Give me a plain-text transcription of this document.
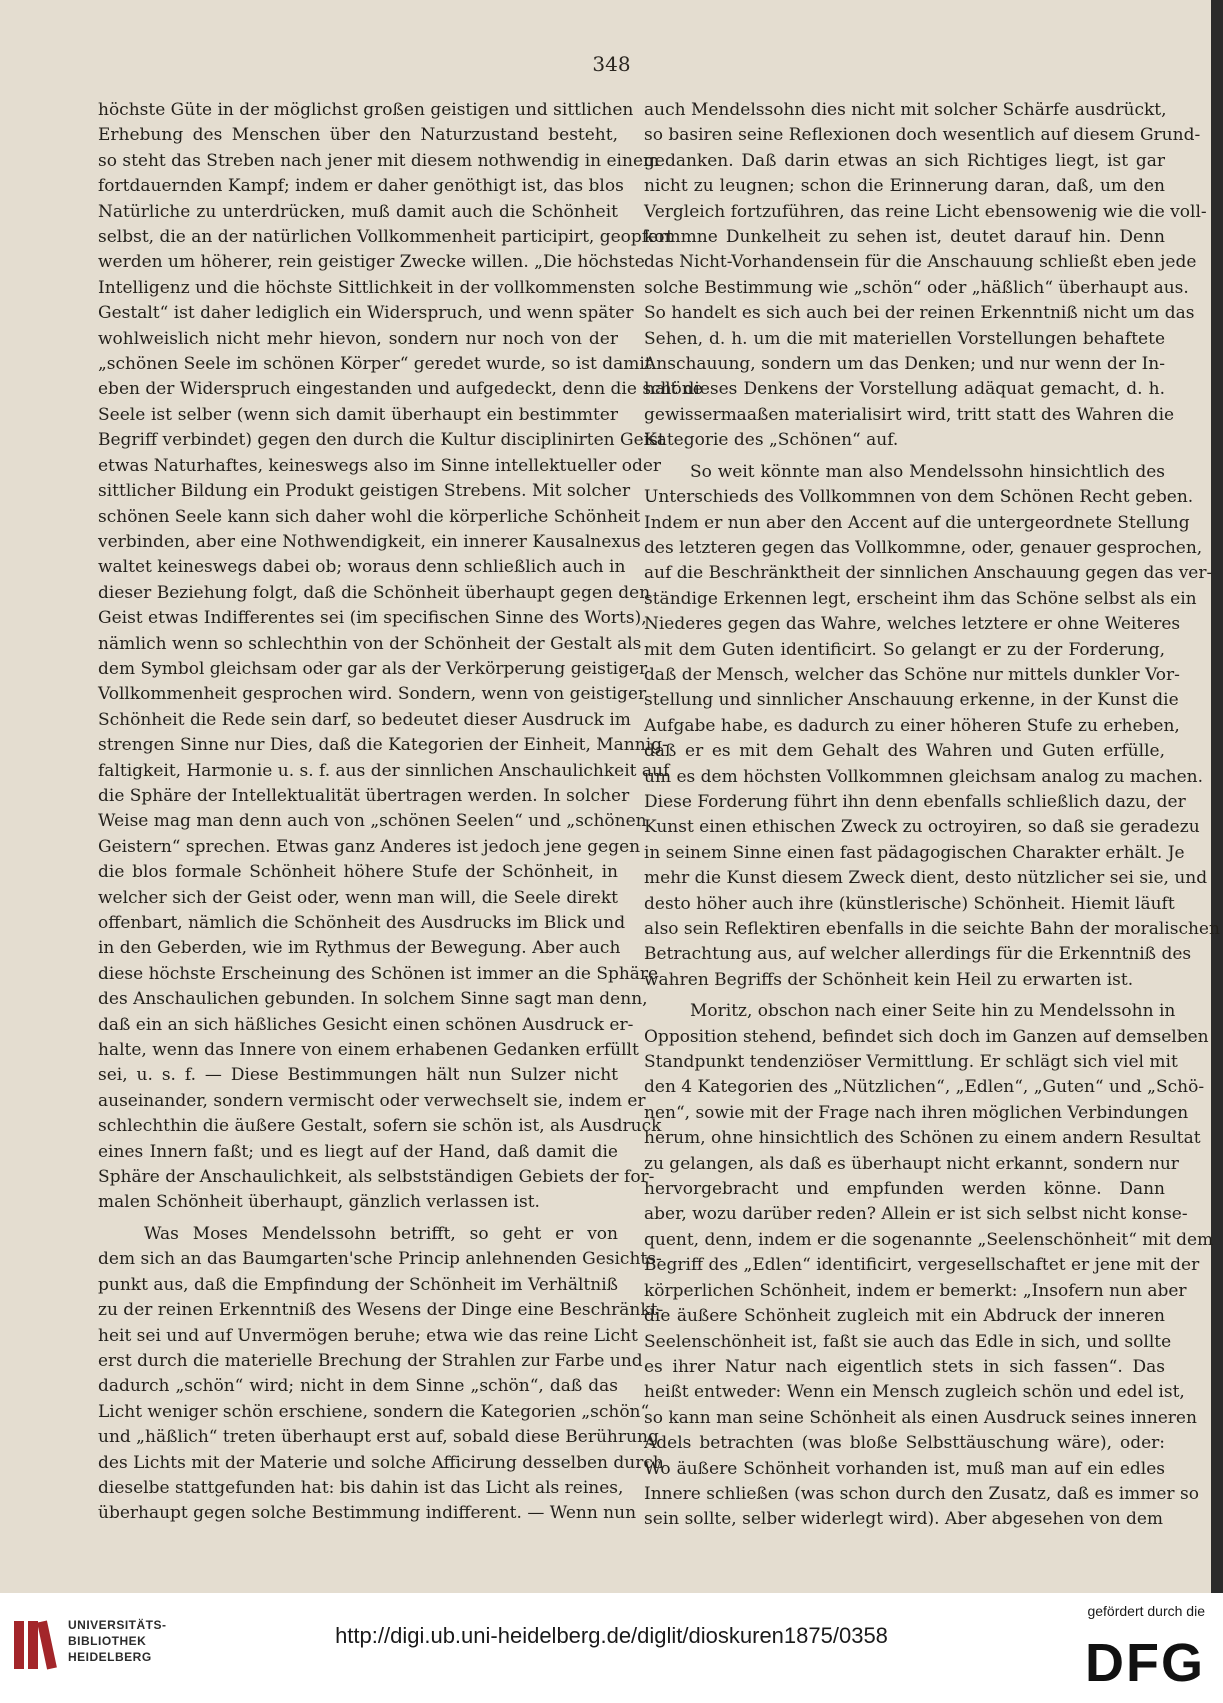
348
höchste Güte in der möglichst großen geistigen und sittlichen
Erhebung des Menschen über den Naturzustand besteht,
so steht das Streben nach jener mit diesem nothwendig in einem
fortdauernden Kampf; indem er daher genöthigt ist, das blos
Natürliche zu unterdrücken, muß damit auch die Schönheit
selbst, die an der natürlichen Vollkommenheit participirt, geopfert
werden um höherer, rein geistiger Zwecke willen. „Die höchste
Intelligenz und die höchste Sittlichkeit in der vollkommensten
Gestalt“ ist daher lediglich ein Widerspruch, und wenn später
wohlweislich nicht mehr hievon, sondern nur noch von der
„schönen Seele im schönen Körper“ geredet wurde, so ist damit
eben der Widerspruch eingestanden und aufgedeckt, denn die schöne
Seele ist selber (wenn sich damit überhaupt ein bestimmter
Begriff verbindet) gegen den durch die Kultur disciplinirten Geist
etwas Naturhaftes, keineswegs also im Sinne intellektueller oder
sittlicher Bildung ein Produkt geistigen Strebens. Mit solcher
schönen Seele kann sich daher wohl die körperliche Schönheit
verbinden, aber eine Nothwendigkeit, ein innerer Kausalnexus
waltet keineswegs dabei ob; woraus denn schließlich auch in
dieser Beziehung folgt, daß die Schönheit überhaupt gegen den
Geist etwas Indifferentes sei (im specifischen Sinne des Worts),
nämlich wenn so schlechthin von der Schönheit der Gestalt als
dem Symbol gleichsam oder gar als der Verkörperung geistiger
Vollkommenheit gesprochen wird. Sondern, wenn von geistiger
Schönheit die Rede sein darf, so bedeutet dieser Ausdruck im
strengen Sinne nur Dies, daß die Kategorien der Einheit, Mannig-
faltigkeit, Harmonie u. s. f. aus der sinnlichen Anschaulichkeit auf
die Sphäre der Intellektualität übertragen werden. In solcher
Weise mag man denn auch von „schönen Seelen“ und „schönen
Geistern“ sprechen. Etwas ganz Anderes ist jedoch jene gegen
die blos formale Schönheit höhere Stufe der Schönheit, in
welcher sich der Geist oder, wenn man will, die Seele direkt
offenbart, nämlich die Schönheit des Ausdrucks im Blick und
in den Geberden, wie im Rythmus der Bewegung. Aber auch
diese höchste Erscheinung des Schönen ist immer an die Sphäre
des Anschaulichen gebunden. In solchem Sinne sagt man denn,
daß ein an sich häßliches Gesicht einen schönen Ausdruck er-
halte, wenn das Innere von einem erhabenen Gedanken erfüllt
sei, u. s. f. — Diese Bestimmungen hält nun Sulzer nicht
auseinander, sondern vermischt oder verwechselt sie, indem er
schlechthin die äußere Gestalt, sofern sie schön ist, als Ausdruck
eines Innern faßt; und es liegt auf der Hand, daß damit die
Sphäre der Anschaulichkeit, als selbstständigen Gebiets der for-
malen Schönheit überhaupt, gänzlich verlassen ist.
Was Moses Mendelssohn betrifft, so geht er von
dem sich an das Baumgarten'sche Princip anlehnenden Gesichts-
punkt aus, daß die Empfindung der Schönheit im Verhältniß
zu der reinen Erkenntniß des Wesens der Dinge eine Beschränkt-
heit sei und auf Unvermögen beruhe; etwa wie das reine Licht
erst durch die materielle Brechung der Strahlen zur Farbe und
dadurch „schön“ wird; nicht in dem Sinne „schön“, daß das
Licht weniger schön erschiene, sondern die Kategorien „schön“
und „häßlich“ treten überhaupt erst auf, sobald diese Berührung
des Lichts mit der Materie und solche Afficirung desselben durch
dieselbe stattgefunden hat: bis dahin ist das Licht als reines,
überhaupt gegen solche Bestimmung indifferent. — Wenn nun
auch Mendelssohn dies nicht mit solcher Schärfe ausdrückt,
so basiren seine Reflexionen doch wesentlich auf diesem Grund-
gedanken. Daß darin etwas an sich Richtiges liegt, ist gar
nicht zu leugnen; schon die Erinnerung daran, daß, um den
Vergleich fortzuführen, das reine Licht ebensowenig wie die voll-
kommne Dunkelheit zu sehen ist, deutet darauf hin. Denn
das Nicht-Vorhandensein für die Anschauung schließt eben jede
solche Bestimmung wie „schön“ oder „häßlich“ überhaupt aus.
So handelt es sich auch bei der reinen Erkenntniß nicht um das
Sehen, d. h. um die mit materiellen Vorstellungen behaftete
Anschauung, sondern um das Denken; und nur wenn der In-
halt dieses Denkens der Vorstellung adäquat gemacht, d. h.
gewissermaaßen materialisirt wird, tritt statt des Wahren die
Kategorie des „Schönen“ auf.
So weit könnte man also Mendelssohn hinsichtlich des
Unterschieds des Vollkommnen von dem Schönen Recht geben.
Indem er nun aber den Accent auf die untergeordnete Stellung
des letzteren gegen das Vollkommne, oder, genauer gesprochen,
auf die Beschränktheit der sinnlichen Anschauung gegen das ver-
ständige Erkennen legt, erscheint ihm das Schöne selbst als ein
Niederes gegen das Wahre, welches letztere er ohne Weiteres
mit dem Guten identificirt. So gelangt er zu der Forderung,
daß der Mensch, welcher das Schöne nur mittels dunkler Vor-
stellung und sinnlicher Anschauung erkenne, in der Kunst die
Aufgabe habe, es dadurch zu einer höheren Stufe zu erheben,
daß er es mit dem Gehalt des Wahren und Guten erfülle,
um es dem höchsten Vollkommnen gleichsam analog zu machen.
Diese Forderung führt ihn denn ebenfalls schließlich dazu, der
Kunst einen ethischen Zweck zu octroyiren, so daß sie geradezu
in seinem Sinne einen fast pädagogischen Charakter erhält. Je
mehr die Kunst diesem Zweck dient, desto nützlicher sei sie, und
desto höher auch ihre (künstlerische) Schönheit. Hiemit läuft
also sein Reflektiren ebenfalls in die seichte Bahn der moralischen
Betrachtung aus, auf welcher allerdings für die Erkenntniß des
wahren Begriffs der Schönheit kein Heil zu erwarten ist.
Moritz, obschon nach einer Seite hin zu Mendelssohn in
Opposition stehend, befindet sich doch im Ganzen auf demselben
Standpunkt tendenziöser Vermittlung. Er schlägt sich viel mit
den 4 Kategorien des „Nützlichen“, „Edlen“, „Guten“ und „Schö-
nen“, sowie mit der Frage nach ihren möglichen Verbindungen
herum, ohne hinsichtlich des Schönen zu einem andern Resultat
zu gelangen, als daß es überhaupt nicht erkannt, sondern nur
hervorgebracht und empfunden werden könne. Dann
aber, wozu darüber reden? Allein er ist sich selbst nicht konse-
quent, denn, indem er die sogenannte „Seelenschönheit“ mit dem
Begriff des „Edlen“ identificirt, vergesellschaftet er jene mit der
körperlichen Schönheit, indem er bemerkt: „Insofern nun aber
die äußere Schönheit zugleich mit ein Abdruck der inneren
Seelenschönheit ist, faßt sie auch das Edle in sich, und sollte
es ihrer Natur nach eigentlich stets in sich fassen“. Das
heißt entweder: Wenn ein Mensch zugleich schön und edel ist,
so kann man seine Schönheit als einen Ausdruck seines inneren
Adels betrachten (was bloße Selbsttäuschung wäre), oder:
Wo äußere Schönheit vorhanden ist, muß man auf ein edles
Innere schließen (was schon durch den Zusatz, daß es immer so
sein sollte, selber widerlegt wird). Aber abgesehen von dem
UNIVERSITÄTS-
BIBLIOTHEK
HEIDELBERG
http://digi.ub.uni-heidelberg.de/diglit/dioskuren1875/0358
gefördert durch die
DFG
